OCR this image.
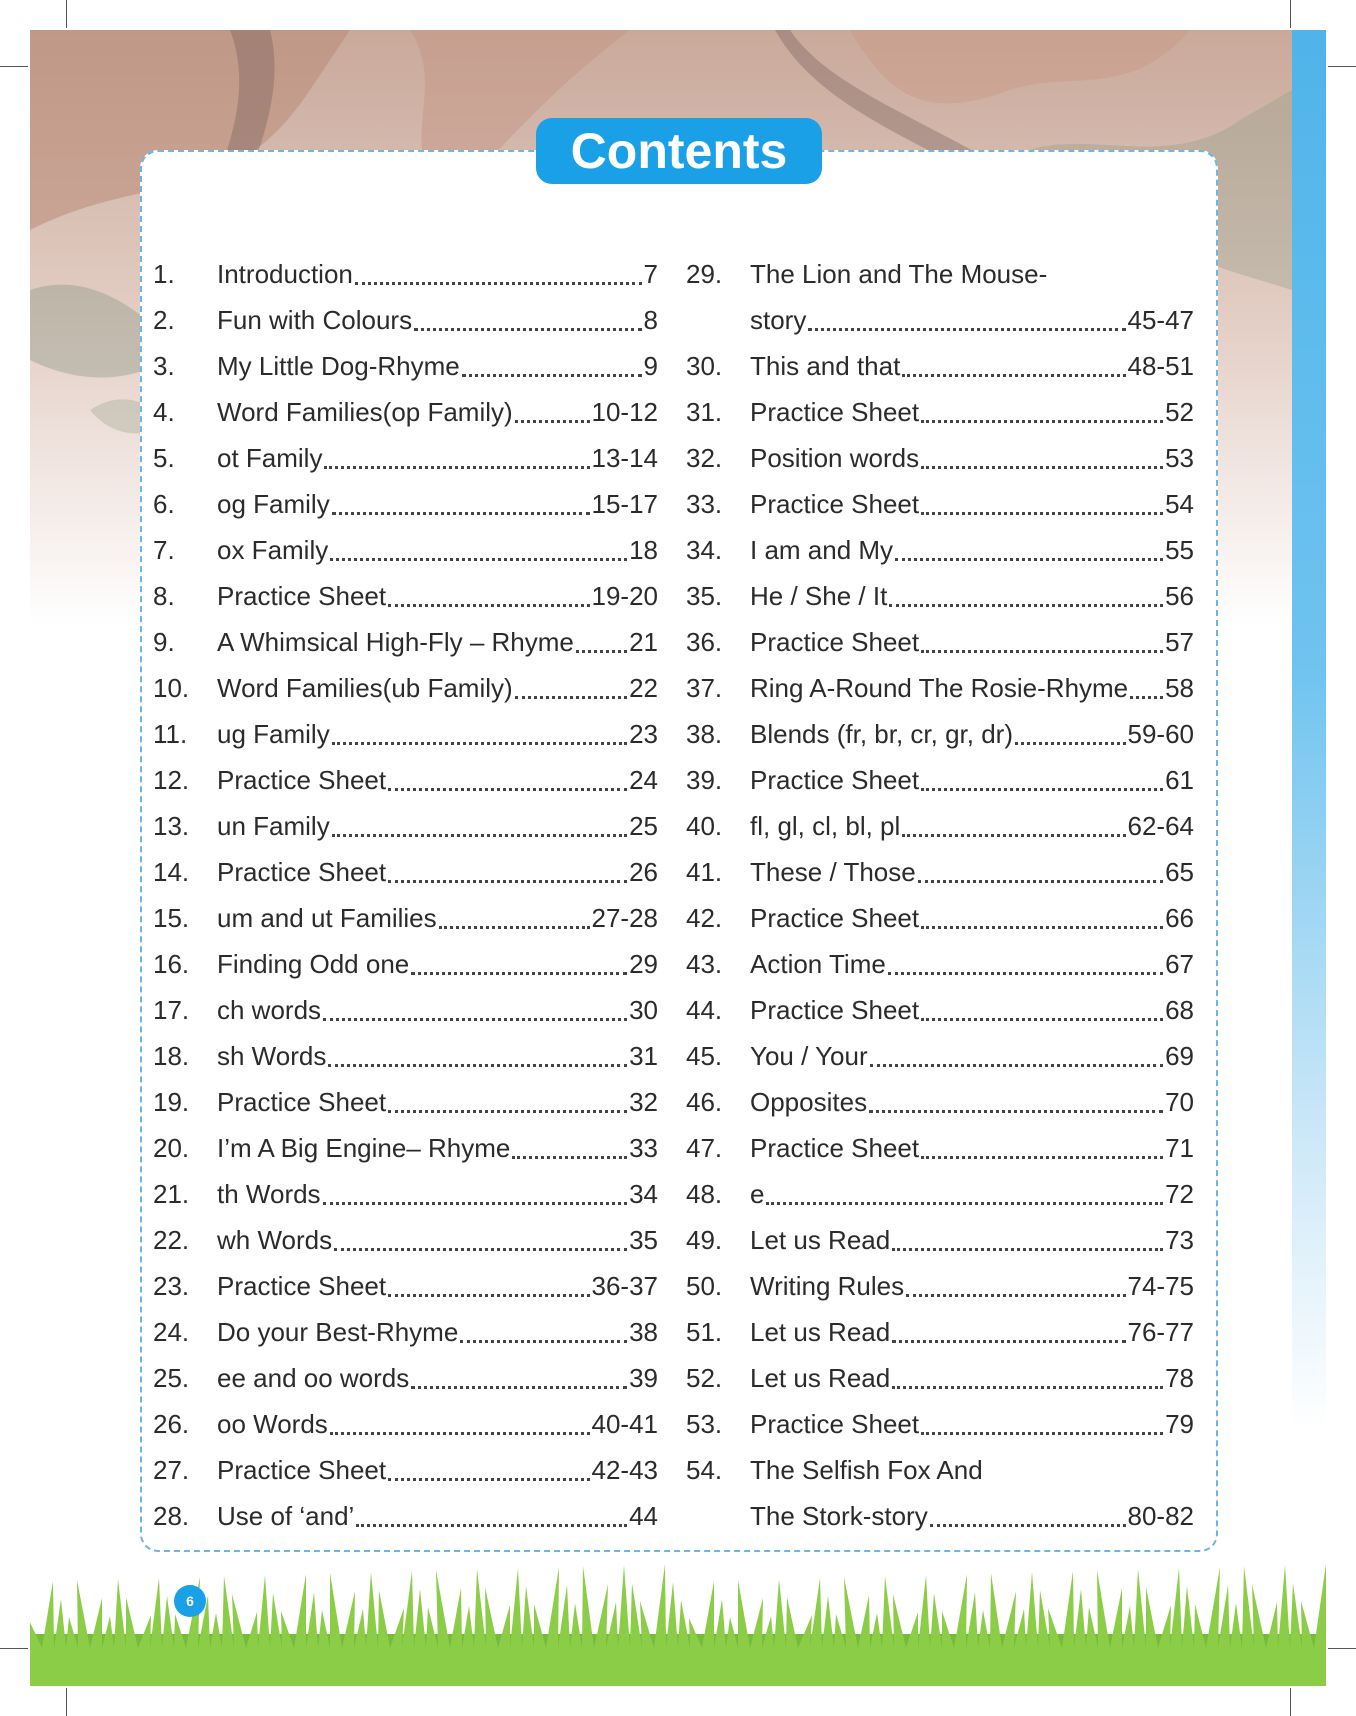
Contents
1.	Introduction	7
2.	Fun with Colours	8
3.	My Little Dog-Rhyme	9
4.	Word Families(op Family)	10-12
5.	ot Family	13-14
6.	og Family	15-17
7.	ox Family	18
8.	Practice Sheet	19-20
9.	A Whimsical High-Fly – Rhyme 21
10.	Word Families(ub Family)	22
11.	ug Family	23
12.	Practice Sheet	24
13.	un Family	25
14.	Practice Sheet	26
15.	um and ut Families	27-28
16.	Finding Odd one	29
17.	ch words	30
18.	sh Words	31
19.	Practice Sheet	32
20.	I’m A Big Engine– Rhyme	33
21.	th Words	34
22.	wh Words	35
23.	Practice Sheet	36-37
24.	Do your Best-Rhyme	38
25.	ee and oo words	39
26.	oo Words	40-41
27.	Practice Sheet	42-43
28.	Use of ‘and’	44
29.	The Lion and The Mouse-
story	45-47
30.	This and that	48-51
31.	Practice Sheet	52
32.	Position words	53
33.	Practice Sheet	54
34.	I am and My	55
35.	He / She / It	56
36.	Practice Sheet	57
37.	Ring A-Round The Rosie-Rhyme 58
38.	Blends (fr, br, cr, gr, dr)	59-60
39.	Practice Sheet	61
40.	fl, gl, cl, bl, pl	62-64
41.	These / Those	65
42.	Practice Sheet	66
43.	Action Time	67
44.	Practice Sheet	68
45.	You / Your	69
46.	Opposites	70
47.	Practice Sheet	71
48.	e	72
49.	Let us Read	73
50.	Writing Rules	74-75
51.	Let us Read	76-77
52.	Let us Read	78
53.	Practice Sheet	79
54.	The Selfish Fox And
The Stork-story	80-82
6
